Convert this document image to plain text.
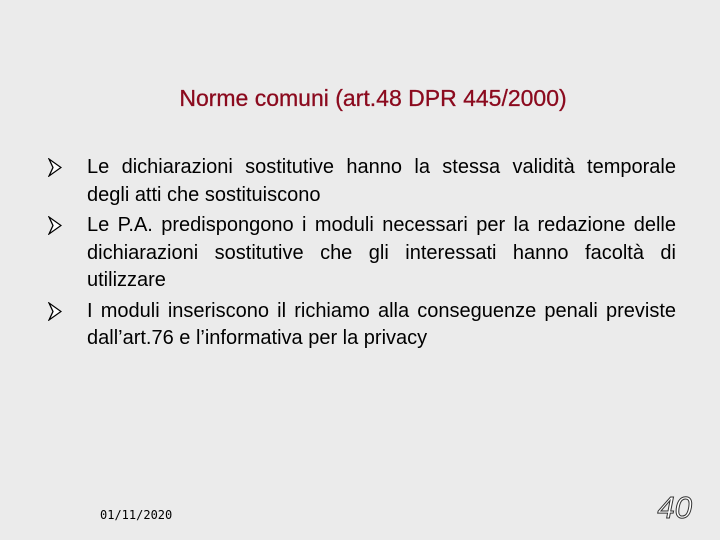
Norme comuni (art.48 DPR 445/2000)
Le dichiarazioni sostitutive hanno la stessa validità temporale degli atti che sostituiscono
Le P.A. predispongono i moduli necessari per la redazione delle dichiarazioni sostitutive che gli interessati hanno facoltà di utilizzare
I moduli inseriscono il richiamo alla conseguenze penali previste dall’art.76 e l’informativa per la privacy
01/11/2020	40
